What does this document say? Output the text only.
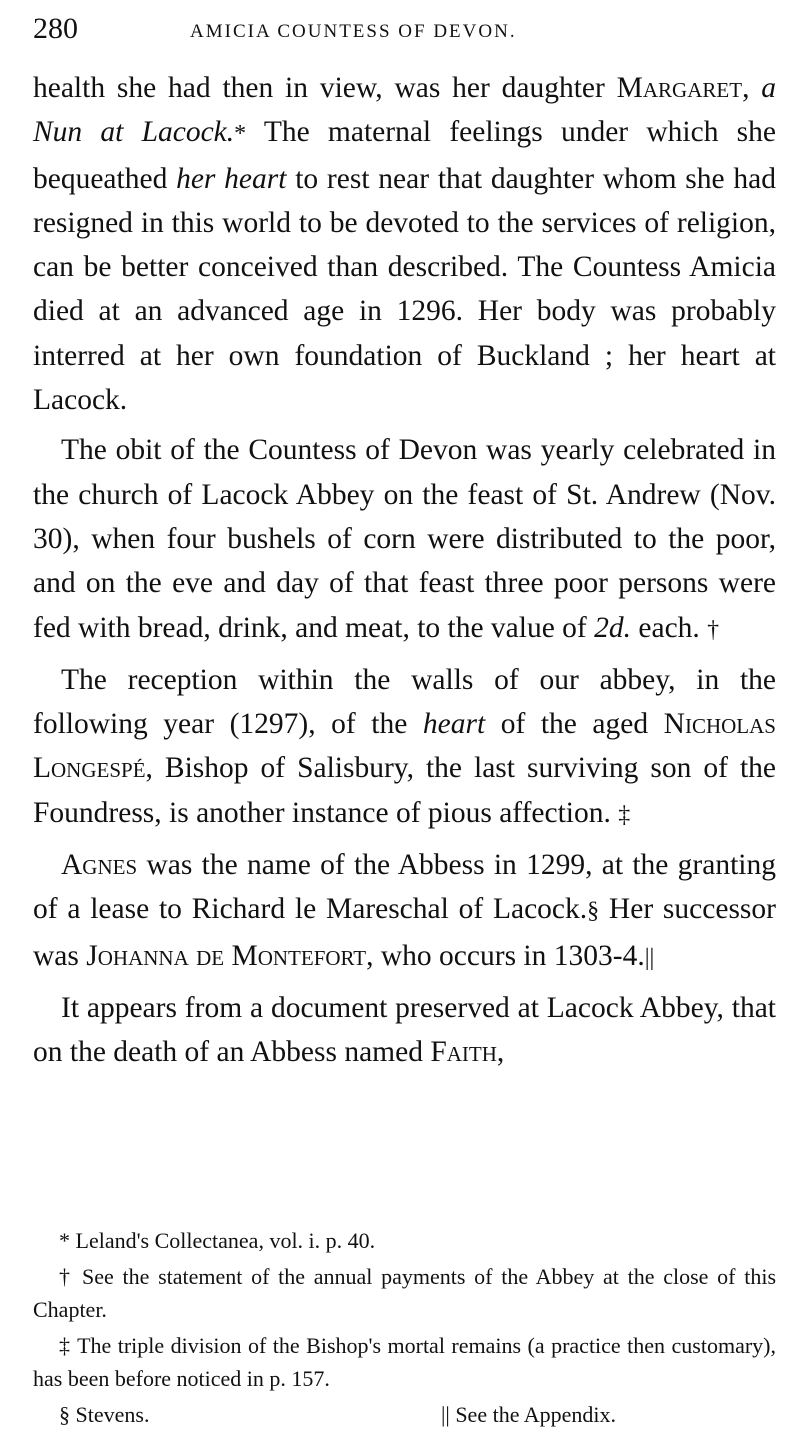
280	AMICIA COUNTESS OF DEVON.

health she had then in view, was her daughter Margaret, a Nun at Lacock.* The maternal feelings under which she bequeathed her heart to rest near that daughter whom she had resigned in this world to be devoted to the services of religion, can be better conceived than described. The Countess Amicia died at an advanced age in 1296. Her body was probably interred at her own foundation of Buckland ; her heart at Lacock.

The obit of the Countess of Devon was yearly celebrated in the church of Lacock Abbey on the feast of St. Andrew (Nov. 30), when four bushels of corn were distributed to the poor, and on the eve and day of that feast three poor persons were fed with bread, drink, and meat, to the value of 2d. each. †

The reception within the walls of our abbey, in the following year (1297), of the heart of the aged Nicholas Longespé, Bishop of Salisbury, the last surviving son of the Foundress, is another instance of pious affection. ‡

Agnes was the name of the Abbess in 1299, at the granting of a lease to Richard le Mareschal of Lacock.§ Her successor was Johanna de Montefort, who occurs in 1303-4.||

It appears from a document preserved at Lacock Abbey, that on the death of an Abbess named Faith,

* Leland's Collectanea, vol. i. p. 40.

† See the statement of the annual payments of the Abbey at the close of this Chapter.

‡ The triple division of the Bishop's mortal remains (a practice then customary), has been before noticed in p. 157.

§ Stevens.	|| See the Appendix.
